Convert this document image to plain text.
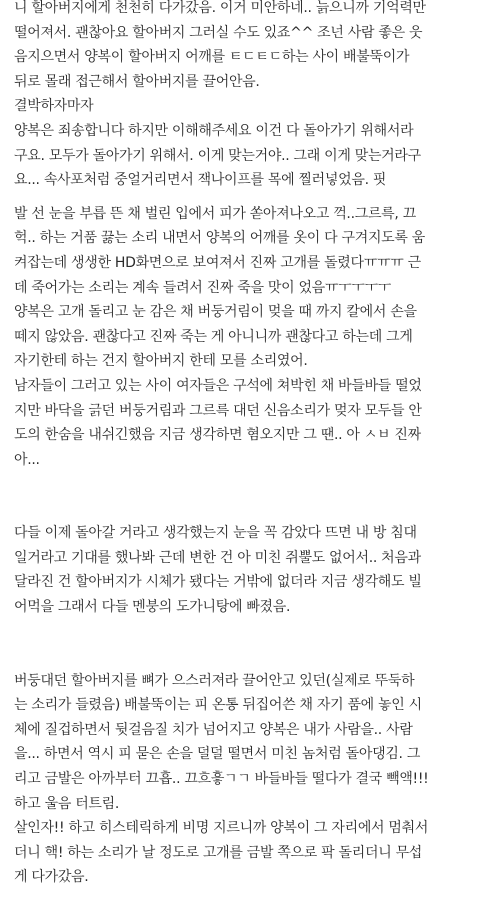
니 할아버지에게 천천히 다가갔음. 이거 미안하네.. 늙으니까 기억력만
떨어져서. 괜찮아요 할아버지 그러실 수도 있죠^^ 조넌 사람 좋은 웃
음지으면서 양복이 할아버지 어깨를 ㅌㄷㅌㄷ하는 사이 배불뚝이가
뒤로 몰래 접근해서 할아버지를 끌어안음.
결박하자마자
양복은 죄송합니다 하지만 이해해주세요 이건 다 돌아가기 위해서라
구요. 모두가 돌아가기 위해서. 이게 맞는거야.. 그래 이게 맞는거라구
요... 속사포처럼 중얼거리면서 잭나이프를 목에 찔러넣었음. 핏
발 선 눈을 부릅 뜬 채 벌린 입에서 피가 쏟아져나오고 꺽..그르륵, 끄
헉.. 하는 거품 끓는 소리 내면서 양복의 어깨를 옷이 다 구겨지도록 움
켜잡는데 생생한 HD화면으로 보여져서 진짜 고개를 돌렸다ㅠㅠㅠ 근
데 죽어가는 소리는 계속 들려서 진짜 죽을 맛이 었음ㅠㅜㅜㅜㅜ
양복은 고개 돌리고 눈 감은 채 버둥거림이 멎을 때 까지 칼에서 손을
떼지 않았음. 괜찮다고 진짜 죽는 게 아니니까 괜찮다고 하는데 그게
자기한테 하는 건지 할아버지 한테 모를 소리였어.
남자들이 그러고 있는 사이 여자들은 구석에 쳐박힌 채 바들바들 떨었
지만 바닥을 긁던 버둥거림과 그르륵 대던 신음소리가 멎자 모두들 안
도의 한숨을 내쉬긴했음 지금 생각하면 혐오지만 그 땐.. 아 ㅅㅂ 진짜
아...
다들 이제 돌아갈 거라고 생각했는지 눈을 꼭 감았다 뜨면 내 방 침대
일거라고 기대를 했나봐 근데 변한 건 아 미친 쥐뿔도 없어서.. 처음과
달라진 건 할아버지가 시체가 됐다는 거밖에 없더라 지금 생각해도 빌
어먹을 그래서 다들 멘붕의 도가니탕에 빠졌음.
버둥대던 할아버지를 뼈가 으스러져라 끌어안고 있던(실제로 뚜둑하
는 소리가 들렸음) 배불뚝이는 피 온통 뒤집어쓴 채 자기 품에 놓인 시
체에 질겁하면서 뒷걸음질 치가 넘어지고 양복은 내가 사람을.. 사람
을... 하면서 역시 피 묻은 손을 덜덜 떨면서 미친 놈처럼 돌아댕김. 그
리고 금발은 아까부터 끄흡.. 끄흐흫ㄱㄱ 바들바들 떨다가 결국 빽액!!!
하고 울음 터트림.
살인자!! 하고 히스테릭하게 비명 지르니까 양복이 그 자리에서 멈춰서
더니 핵! 하는 소리가 날 정도로 고개를 금발 쪽으로 팍 돌리더니 무섭
게 다가갔음.
